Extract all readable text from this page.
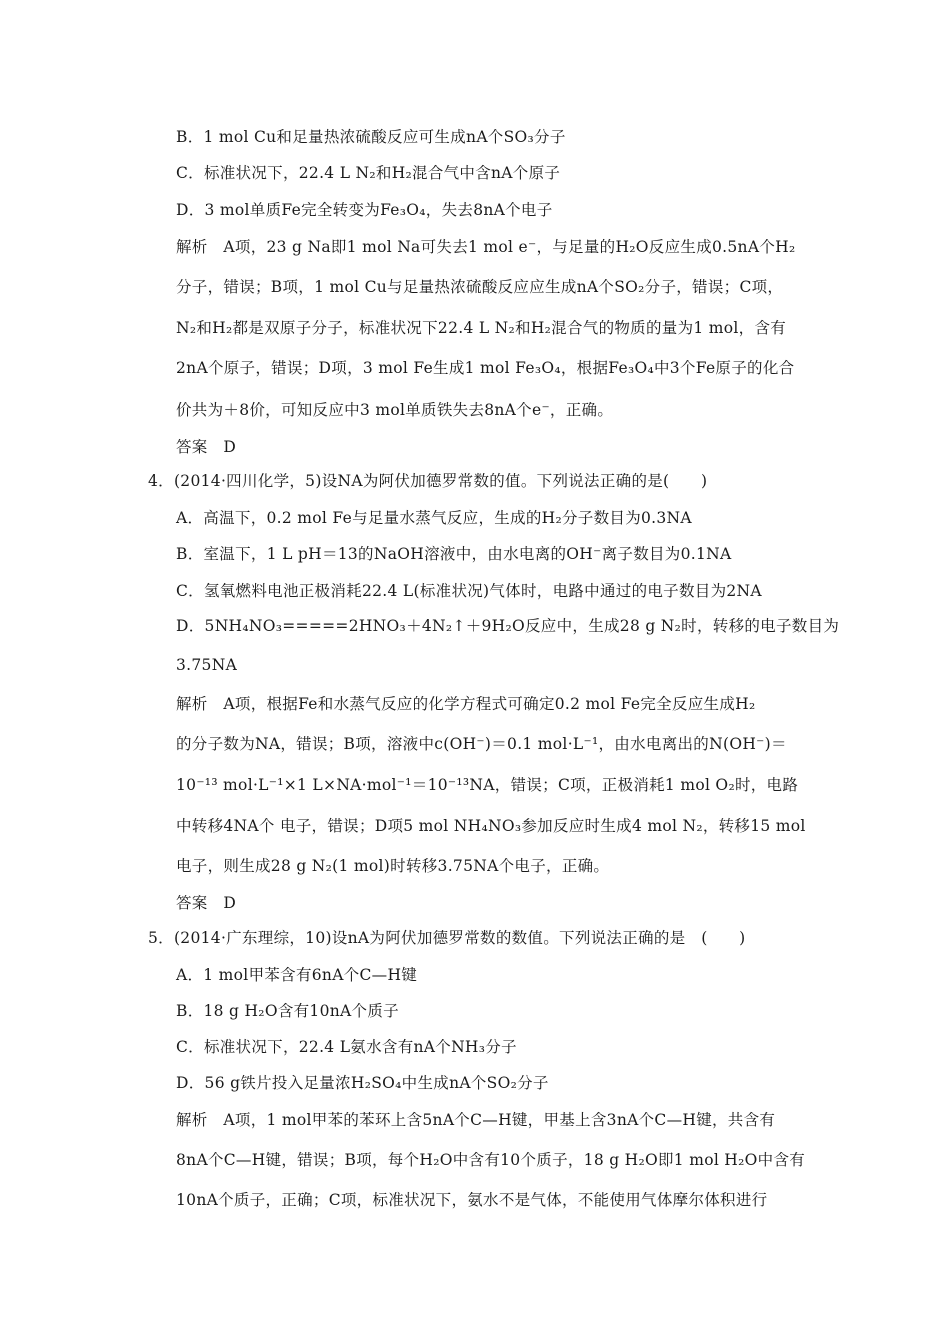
B．1 mol Cu和足量热浓硫酸反应可生成nA个SO₃分子
C．标准状况下，22.4 L N₂和H₂混合气中含nA个原子
D．3 mol单质Fe完全转变为Fe₃O₄，失去8nA个电子
解析　A项，23 g Na即1 mol Na可失去1 mol e⁻，与足量的H₂O反应生成0.5nA个H₂
分子，错误；B项，1 mol Cu与足量热浓硫酸反应应生成nA个SO₂分子，错误；C项，
N₂和H₂都是双原子分子，标准状况下22.4 L N₂和H₂混合气的物质的量为1 mol，含有
2nA个原子，错误；D项，3 mol Fe生成1 mol Fe₃O₄，根据Fe₃O₄中3个Fe原子的化合
价共为＋8价，可知反应中3 mol单质铁失去8nA个e⁻，正确。
答案　D
4．(2014·四川化学，5)设NA为阿伏加德罗常数的值。下列说法正确的是(　　)
A．高温下，0.2 mol Fe与足量水蒸气反应，生成的H₂分子数目为0.3NA
B．室温下，1 L pH＝13的NaOH溶液中，由水电离的OH⁻离子数目为0.1NA
C．氢氧燃料电池正极消耗22.4 L(标准状况)气体时，电路中通过的电子数目为2NA
D．5NH₄NO₃=====2HNO₃＋4N₂↑＋9H₂O反应中，生成28 g N₂时，转移的电子数目为
3.75NA
解析　A项，根据Fe和水蒸气反应的化学方程式可确定0.2 mol Fe完全反应生成H₂
的分子数为NA，错误；B项，溶液中c(OH⁻)＝0.1 mol·L⁻¹，由水电离出的N(OH⁻)＝
10⁻¹³ mol·L⁻¹×1 L×NA·mol⁻¹＝10⁻¹³NA，错误；C项，正极消耗1 mol O₂时，电路
中转移4NA个 电子，错误；D项5 mol NH₄NO₃参加反应时生成4 mol N₂，转移15 mol
电子，则生成28 g N₂(1 mol)时转移3.75NA个电子，正确。
答案　D
5．(2014·广东理综，10)设nA为阿伏加德罗常数的数值。下列说法正确的是　(　　)
A．1 mol甲苯含有6nA个C—H键
B．18 g H₂O含有10nA个质子
C．标准状况下，22.4 L氨水含有nA个NH₃分子
D．56 g铁片投入足量浓H₂SO₄中生成nA个SO₂分子
解析　A项，1 mol甲苯的苯环上含5nA个C—H键，甲基上含3nA个C—H键，共含有
8nA个C—H键，错误；B项，每个H₂O中含有10个质子，18 g H₂O即1 mol H₂O中含有
10nA个质子，正确；C项，标准状况下，氨水不是气体，不能使用气体摩尔体积进行
